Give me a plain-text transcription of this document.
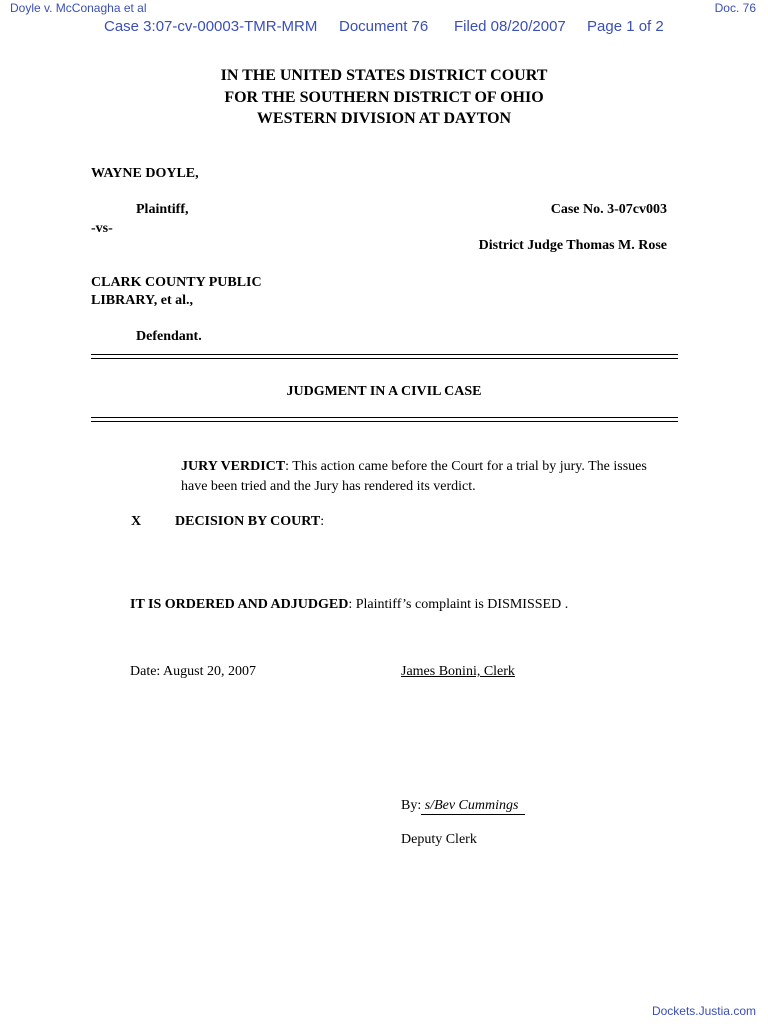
Doyle v. McConagha et al	Doc. 76
Case 3:07-cv-00003-TMR-MRM Document 76 Filed 08/20/2007 Page 1 of 2
IN THE UNITED STATES DISTRICT COURT
FOR THE SOUTHERN DISTRICT OF OHIO
WESTERN DIVISION AT DAYTON
WAYNE DOYLE,
Plaintiff,	Case No. 3-07cv003
-vs-
District Judge Thomas M. Rose
CLARK COUNTY PUBLIC
LIBRARY, et al.,
Defendant.
JUDGMENT IN A CIVIL CASE
JURY VERDICT: This action came before the Court for a trial by jury. The issues
have been tried and the Jury has rendered its verdict.
X DECISION BY COURT:
IT IS ORDERED AND ADJUDGED: Plaintiff’s complaint is DISMISSED .
Date: August 20, 2007	James Bonini, Clerk
By: s/Bev Cummings
Deputy Clerk
Dockets.Justia.com
